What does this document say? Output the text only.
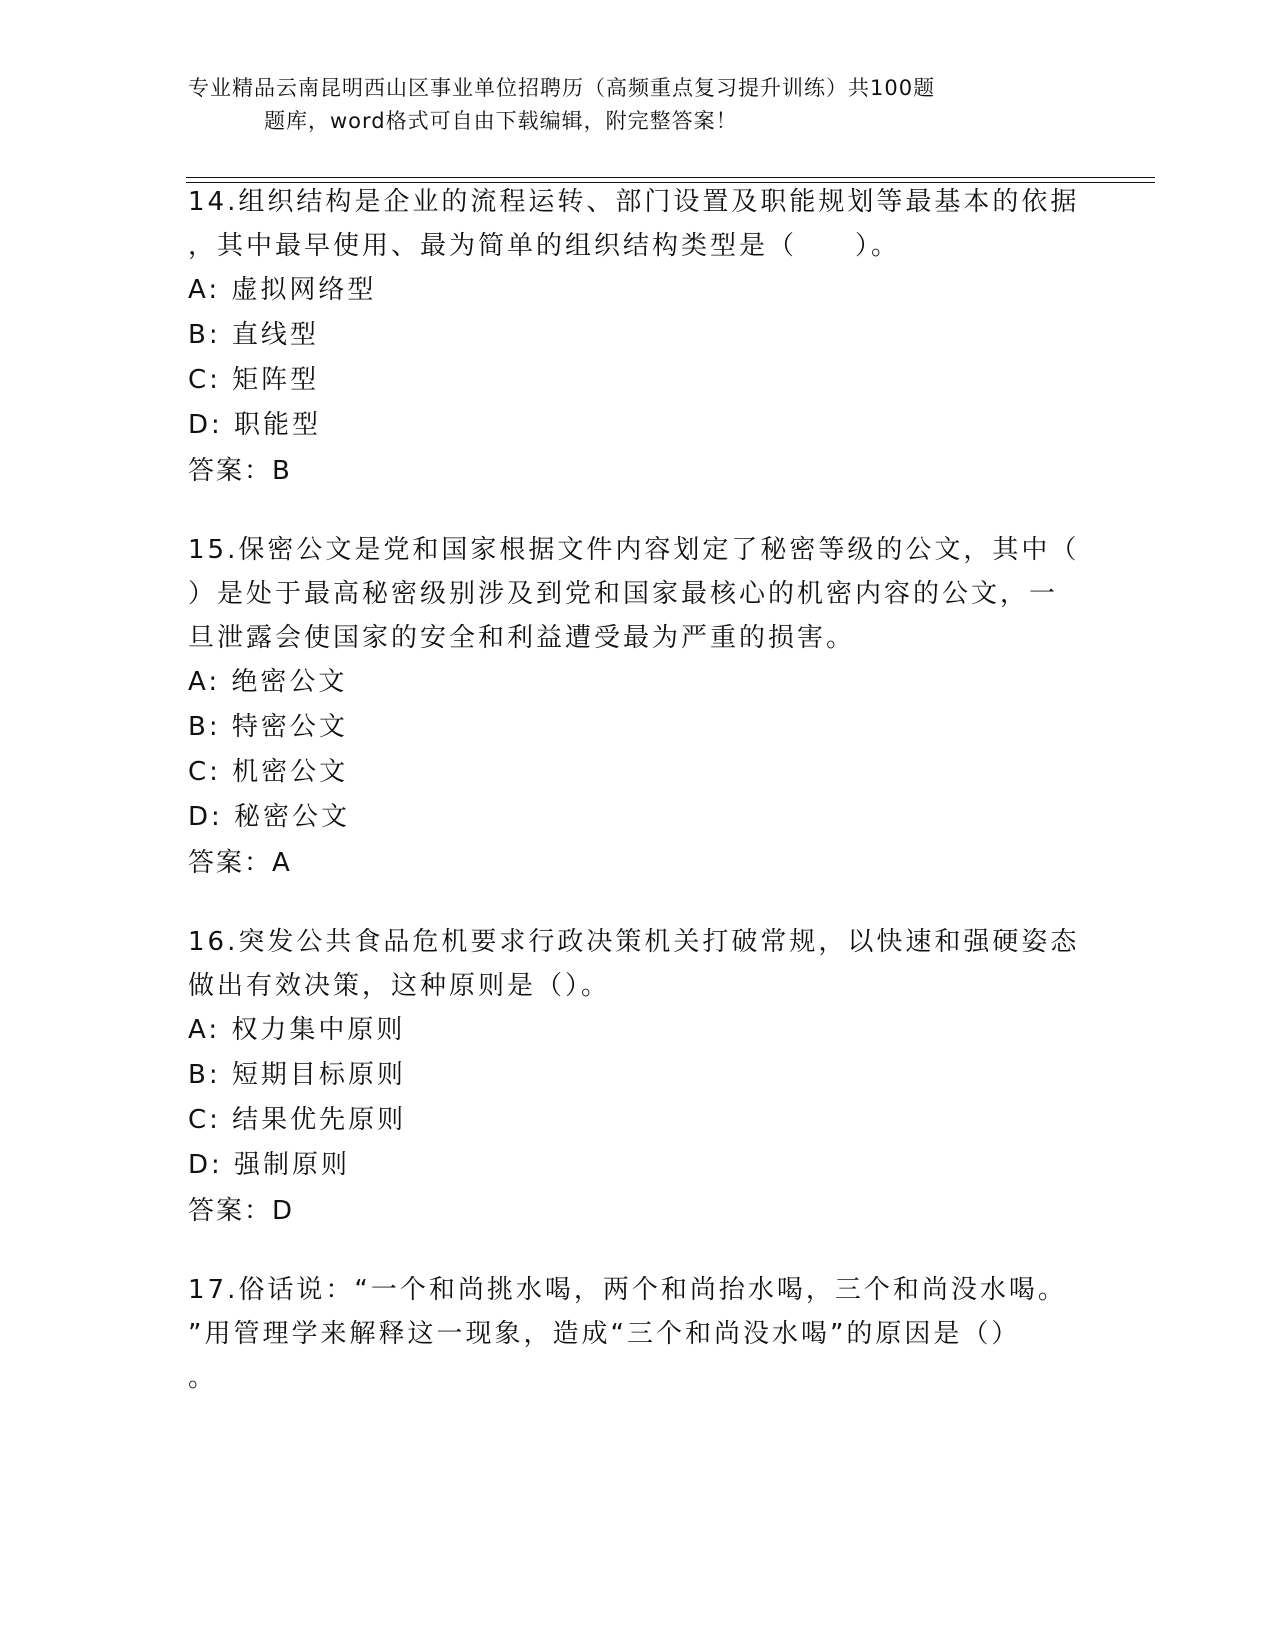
专业精品云南昆明西山区事业单位招聘历（高频重点复习提升训练）共100题
题库，word格式可自由下载编辑，附完整答案！
14.组织结构是企业的流程运转、部门设置及职能规划等最基本的依据
，其中最早使用、最为简单的组织结构类型是（　　）。
A: 虚拟网络型
B: 直线型
C: 矩阵型
D: 职能型
答案：B
15.保密公文是党和国家根据文件内容划定了秘密等级的公文，其中（
）是处于最高秘密级别涉及到党和国家最核心的机密内容的公文，一
旦泄露会使国家的安全和利益遭受最为严重的损害。
A: 绝密公文
B: 特密公文
C: 机密公文
D: 秘密公文
答案：A
16.突发公共食品危机要求行政决策机关打破常规，以快速和强硬姿态
做出有效决策，这种原则是（）。
A: 权力集中原则
B: 短期目标原则
C: 结果优先原则
D: 强制原则
答案：D
17.俗话说：“一个和尚挑水喝，两个和尚抬水喝，三个和尚没水喝。
”用管理学来解释这一现象，造成“三个和尚没水喝”的原因是（）
。
